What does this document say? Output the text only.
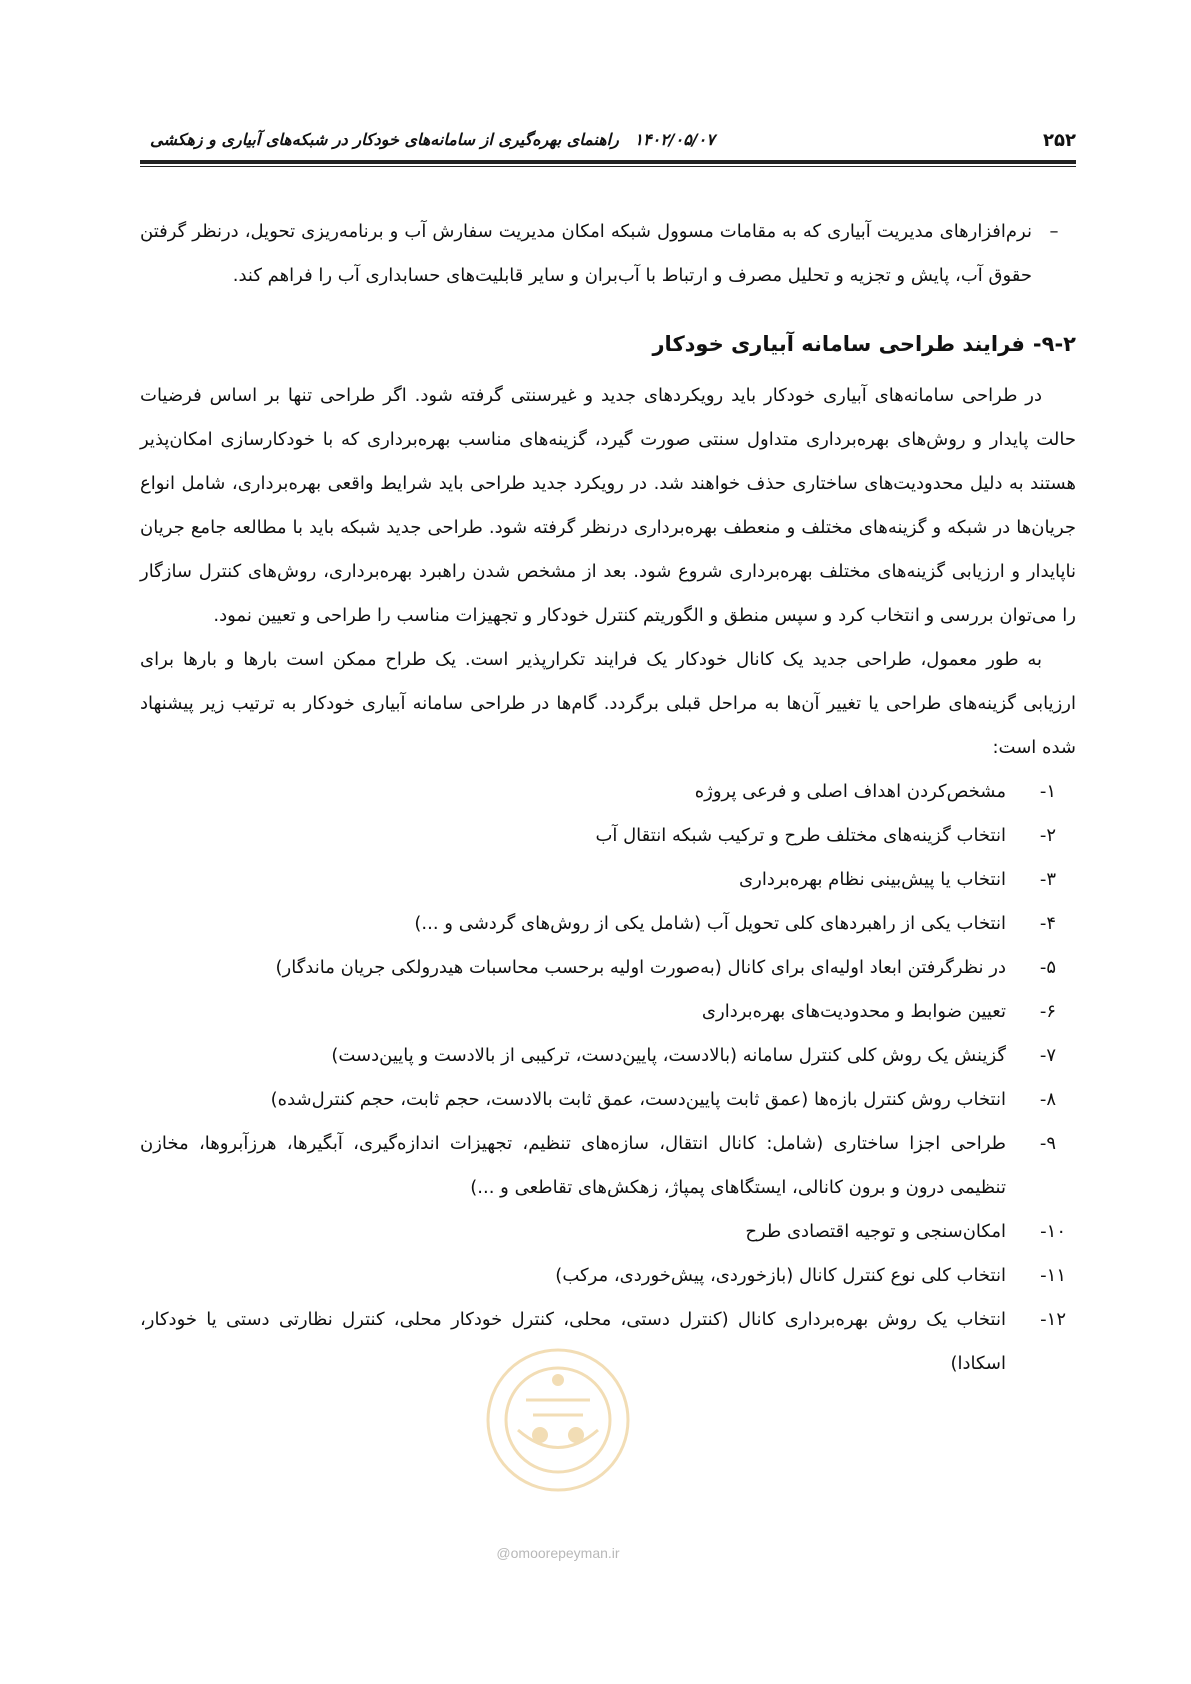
۲۵۲
۱۴۰۲/۰۵/۰۷ راهنمای بهره‌گیری از سامانه‌های خودکار در شبکه‌های آبیاری و زهکشی
–
نرم‌افزارهای مدیریت آبیاری که به مقامات مسوول شبکه امکان مدیریت سفارش آب و برنامه‌ریزی تحویل، درنظر گرفتن حقوق آب، پایش و تجزیه و تحلیل مصرف و ارتباط با آب‌بران و سایر قابلیت‌های حسابداری آب را فراهم کند.
۹-۲-فرایند طراحی سامانه آبیاری خودکار

در طراحی سامانه‌های آبیاری خودکار باید رویکردهای جدید و غیرسنتی گرفته شود. اگر طراحی تنها بر اساس فرضیات حالت پایدار و روش‌های بهره‌برداری متداول سنتی صورت گیرد، گزینه‌های مناسب بهره‌برداری که با خودکارسازی امکان‌پذیر هستند به دلیل محدودیت‌های ساختاری حذف خواهند شد. در رویکرد جدید طراحی باید شرایط واقعی بهره‌برداری، شامل انواع جریان‌ها در شبکه و گزینه‌های مختلف و منعطف بهره‌برداری درنظر گرفته شود. طراحی جدید شبکه باید با مطالعه جامع جریان ناپایدار و ارزیابی گزینه‌های مختلف بهره‌برداری شروع شود. بعد از مشخص شدن راهبرد بهره‌برداری، روش‌های کنترل سازگار را می‌توان بررسی و انتخاب کرد و سپس منطق و الگوریتم کنترل خودکار و تجهیزات مناسب را طراحی و تعیین نمود.

به طور معمول، طراحی جدید یک کانال خودکار یک فرایند تکرارپذیر است. یک طراح ممکن است بارها و بارها برای ارزیابی گزینه‌های طراحی یا تغییر آن‌ها به مراحل قبلی برگردد. گام‌ها در طراحی سامانه آبیاری خودکار به ترتیب زیر پیشنهاد شده است:

۱-
مشخص‌کردن اهداف اصلی و فرعی پروژه
۲-
انتخاب گزینه‌های مختلف طرح و ترکیب شبکه انتقال آب
۳-
انتخاب یا پیش‌بینی نظام بهره‌برداری
۴-
انتخاب یکی از راهبردهای کلی تحویل آب (شامل یکی از روش‌های گردشی و ...)
۵-
در نظرگرفتن ابعاد اولیه‌ای برای کانال (به‌صورت اولیه برحسب محاسبات هیدرولکی جریان ماندگار)
۶-
تعیین ضوابط و محدودیت‌های بهره‌برداری
۷-
گزینش یک روش کلی کنترل سامانه (بالادست، پایین‌دست، ترکیبی از بالادست و پایین‌دست)
۸-
انتخاب روش کنترل بازه‌ها (عمق ثابت پایین‌دست، عمق ثابت بالادست، حجم ثابت، حجم کنترل‌شده)
۹-
طراحی اجزا ساختاری (شامل: کانال انتقال، سازه‌های تنظیم، تجهیزات اندازه‌گیری، آبگیرها، هرزآبروها، مخازن تنظیمی درون و برون کانالی، ایستگاهای پمپاژ، زهکش‌های تقاطعی و ...)
۱۰-
امکان‌سنجی و توجیه اقتصادی طرح
۱۱-
انتخاب کلی نوع کنترل کانال (بازخوردی، پیش‌خوردی، مرکب)
۱۲-
انتخاب یک روش بهره‌برداری کانال (کنترل دستی، محلی، کنترل خودکار محلی، کنترل نظارتی دستی یا خودکار، اسکادا)
@omoorepeyman.ir
